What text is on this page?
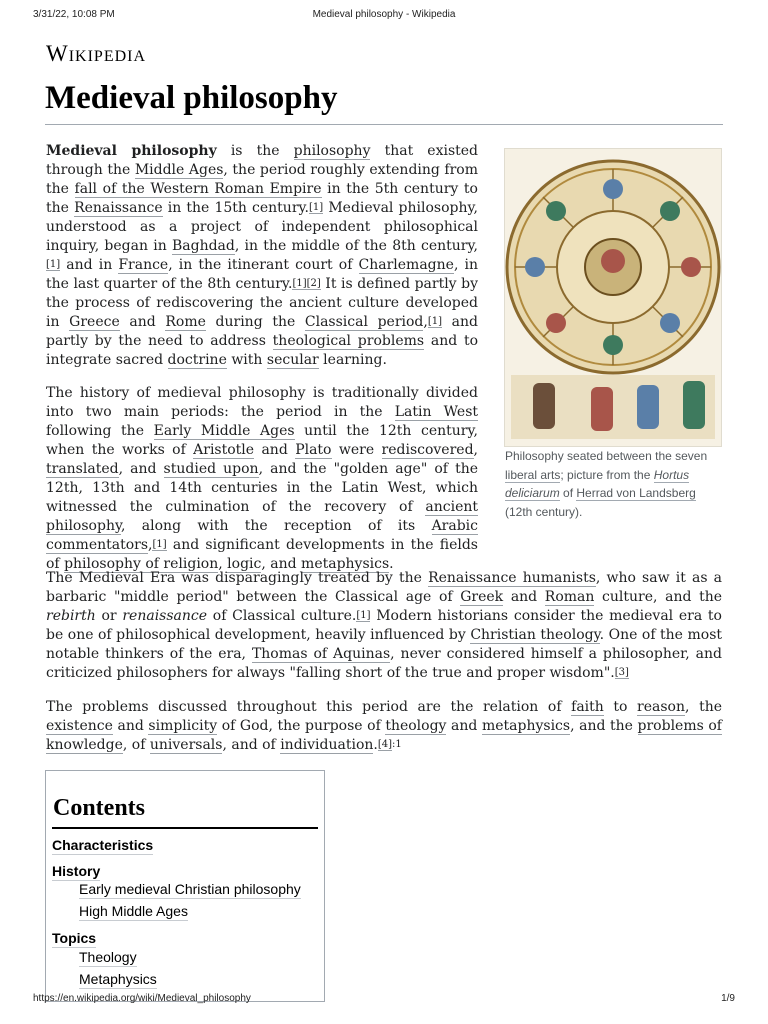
3/31/22, 10:08 PM	Medieval philosophy - Wikipedia
Wikipedia
Medieval philosophy

Medieval philosophy is the philosophy that existed through the Middle Ages, the period roughly extending from the fall of the Western Roman Empire in the 5th century to the Renaissance in the 15th century.[1] Medieval philosophy, understood as a project of independent philosophical inquiry, began in Baghdad, in the middle of the 8th century,[1] and in France, in the itinerant court of Charlemagne, in the last quarter of the 8th century.[1][2] It is defined partly by the process of rediscovering the ancient culture developed in Greece and Rome during the Classical period,[1] and partly by the need to address theological problems and to integrate sacred doctrine with secular learning.

The history of medieval philosophy is traditionally divided into two main periods: the period in the Latin West following the Early Middle Ages until the 12th century, when the works of Aristotle and Plato were rediscovered, translated, and studied upon, and the "golden age" of the 12th, 13th and 14th centuries in the Latin West, which witnessed the culmination of the recovery of ancient philosophy, along with the reception of its Arabic commentators,[1] and significant developments in the fields of philosophy of religion, logic, and metaphysics.

Philosophy seated between the seven liberal arts; picture from the Hortus deliciarum of Herrad von Landsberg (12th century).

The Medieval Era was disparagingly treated by the Renaissance humanists, who saw it as a barbaric "middle period" between the Classical age of Greek and Roman culture, and the rebirth or renaissance of Classical culture.[1] Modern historians consider the medieval era to be one of philosophical development, heavily influenced by Christian theology. One of the most notable thinkers of the era, Thomas of Aquinas, never considered himself a philosopher, and criticized philosophers for always "falling short of the true and proper wisdom".[3]

The problems discussed throughout this period are the relation of faith to reason, the existence and simplicity of God, the purpose of theology and metaphysics, and the problems of knowledge, of universals, and of individuation.$^{[4]:1}$

Contents
Characteristics
History
Early medieval Christian philosophy
High Middle Ages
Topics
Theology
Metaphysics
https://en.wikipedia.org/wiki/Medieval_philosophy	1/9
